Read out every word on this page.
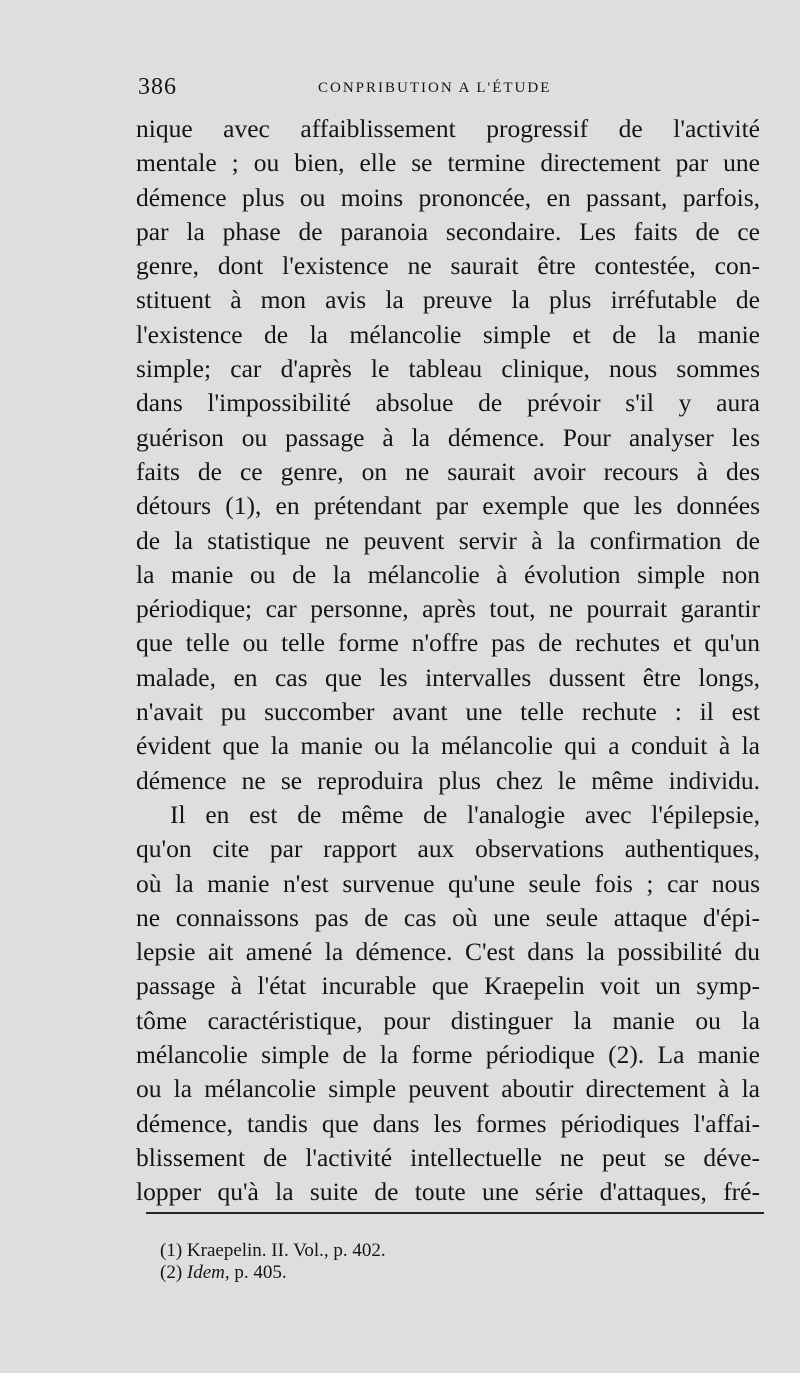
386	CONPRIBUTION A L'ÉTUDE
nique avec affaiblissement progressif de l'activité
mentale ; ou bien, elle se termine directement par une
démence plus ou moins prononcée, en passant, parfois,
par la phase de paranoia secondaire. Les faits de ce
genre, dont l'existence ne saurait être contestée, con-
stituent à mon avis la preuve la plus irréfutable de
l'existence de la mélancolie simple et de la manie
simple; car d'après le tableau clinique, nous sommes
dans l'impossibilité absolue de prévoir s'il y aura
guérison ou passage à la démence. Pour analyser les
faits de ce genre, on ne saurait avoir recours à des
détours (1), en prétendant par exemple que les données
de la statistique ne peuvent servir à la confirmation de
la manie ou de la mélancolie à évolution simple non
périodique; car personne, après tout, ne pourrait garantir
que telle ou telle forme n'offre pas de rechutes et qu'un
malade, en cas que les intervalles dussent être longs,
n'avait pu succomber avant une telle rechute : il est
évident que la manie ou la mélancolie qui a conduit à la
démence ne se reproduira plus chez le même individu.
Il en est de même de l'analogie avec l'épilepsie,
qu'on cite par rapport aux observations authentiques,
où la manie n'est survenue qu'une seule fois ; car nous
ne connaissons pas de cas où une seule attaque d'épi-
lepsie ait amené la démence. C'est dans la possibilité du
passage à l'état incurable que Kraepelin voit un symp-
tôme caractéristique, pour distinguer la manie ou la
mélancolie simple de la forme périodique (2). La manie
ou la mélancolie simple peuvent aboutir directement à la
démence, tandis que dans les formes périodiques l'affai-
blissement de l'activité intellectuelle ne peut se déve-
lopper qu'à la suite de toute une série d'attaques, fré-
(1) Kraepelin. II. Vol., p. 402.
(2) Idem, p. 405.
